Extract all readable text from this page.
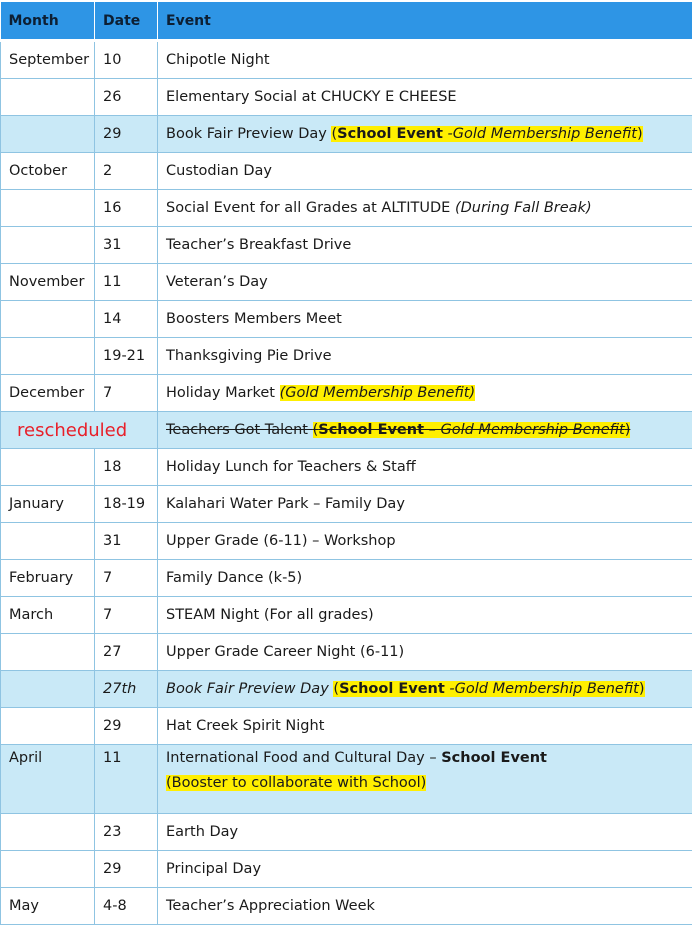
Month	Date	Event
September	10	Chipotle Night
	26	Elementary Social at CHUCKY E CHEESE
	29	Book Fair Preview Day (School Event -Gold Membership Benefit)
October	2	Custodian Day
	16	Social Event for all Grades at ALTITUDE (During Fall Break)
	31	Teacher’s Breakfast Drive
November	11	Veteran’s Day
	14	Boosters Members Meet
	19-21	Thanksgiving Pie Drive
December	7	Holiday Market (Gold Membership Benefit)
rescheduled		Teachers Got Talent (School Event – Gold Membership Benefit)
	18	Holiday Lunch for Teachers & Staff
January	18-19	Kalahari Water Park – Family Day
	31	Upper Grade (6-11) – Workshop
February	7	Family Dance (k-5)
March	7	STEAM Night (For all grades)
	27	Upper Grade Career Night (6-11)
	27th	Book Fair Preview Day (School Event -Gold Membership Benefit)
	29	Hat Creek Spirit Night
April	11	International Food and Cultural Day – School Event
(Booster to collaborate with School)

	23	Earth Day
	29	Principal Day
May	4-8	Teacher’s Appreciation Week
